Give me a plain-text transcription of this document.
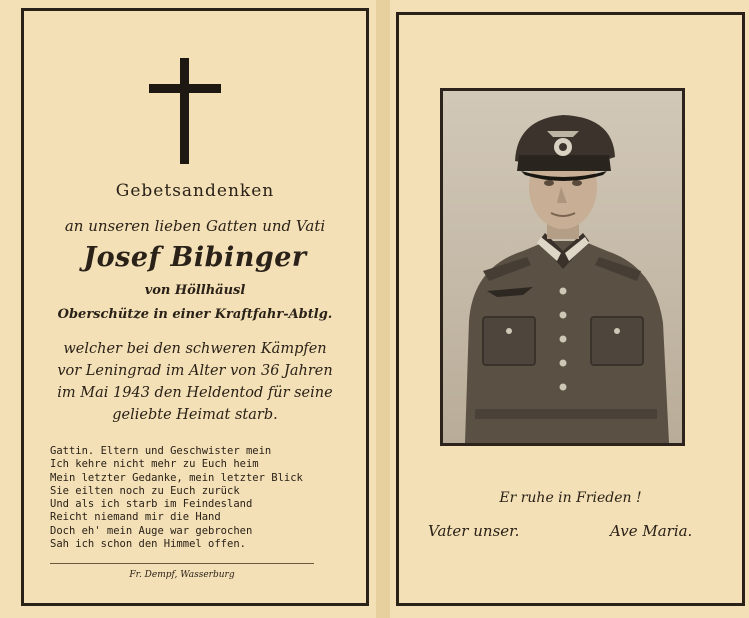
Gebetsandenken
an unseren lieben Gatten und Vati
Josef Bibinger
von Höllhäusl
Oberschütze in einer Kraftfahr-Abtlg.
welcher bei den schweren Kämpfen
vor Leningrad im Alter von 36 Jahren
im Mai 1943 den Heldentod für seine
geliebte Heimat starb.
Gattin. Eltern und Geschwister mein
Ich kehre nicht mehr zu Euch heim
Mein letzter Gedanke, mein letzter Blick
Sie eilten noch zu Euch zurück
Und als ich starb im Feindesland
Reicht niemand mir die Hand
Doch eh' mein Auge war gebrochen
Sah ich schon den Himmel offen.
Fr. Dempf, Wasserburg
Er ruhe in Frieden !
Vater unser.	Ave Maria.
